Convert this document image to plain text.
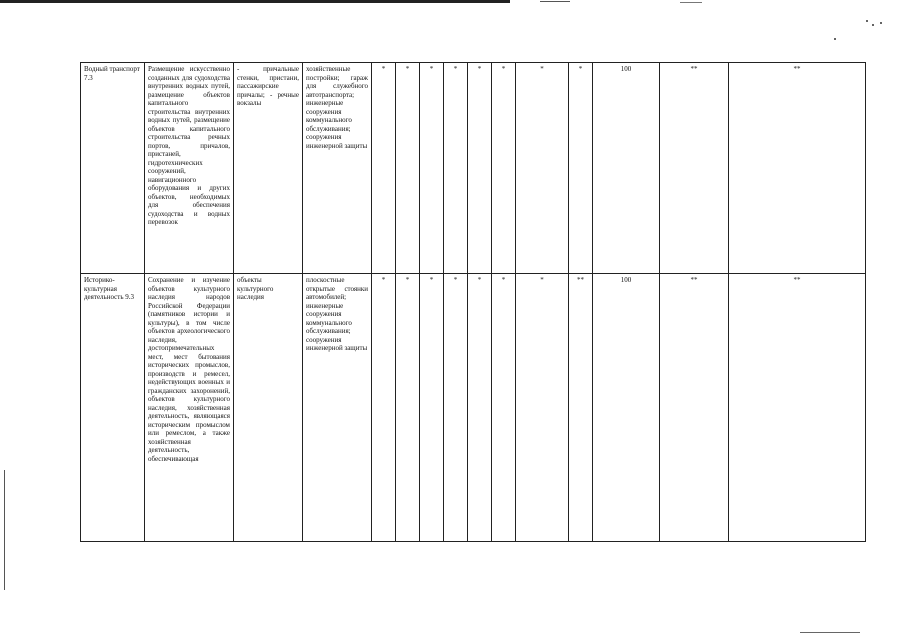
Водный транспорт 7.3	Размещение искусственно созданных для судоходства внутренних водных путей, размещение объектов капитального строительства внутренних водных путей, размещение объектов капитального строительства речных портов, причалов, пристаней, гидротехнических сооружений, навигационного оборудования и других объектов, необходимых для обеспечения судоходства и водных перевозок	- причальные стенки, пристани, пассажирские причалы; - речные вокзалы	хозяйственные постройки; гараж для служебного автотранспорта; инженерные сооружения коммунального обслуживания; сооружения инженерной защиты	*	*	*	*	*	*	*	*	100	**	**
Историко-культурная деятельность 9.3	Сохранение и изучение объектов культурного наследия народов Российской Федерации (памятников истории и культуры), в том числе объектов археологического наследия, достопримечательных мест, мест бытования исторических промыслов, производств и ремесел, недействующих военных и гражданских захоронений, объектов культурного наследия, хозяйственная деятельность, являющаяся историческим промыслом или ремеслом, а также хозяйственная деятельность, обеспечивающая	объекты культурного наследия	плоскостные открытые стоянки автомобилей; инженерные сооружения коммунального обслуживания; сооружения инженерной защиты	*	*	*	*	*	*	*	**	100	**	**
